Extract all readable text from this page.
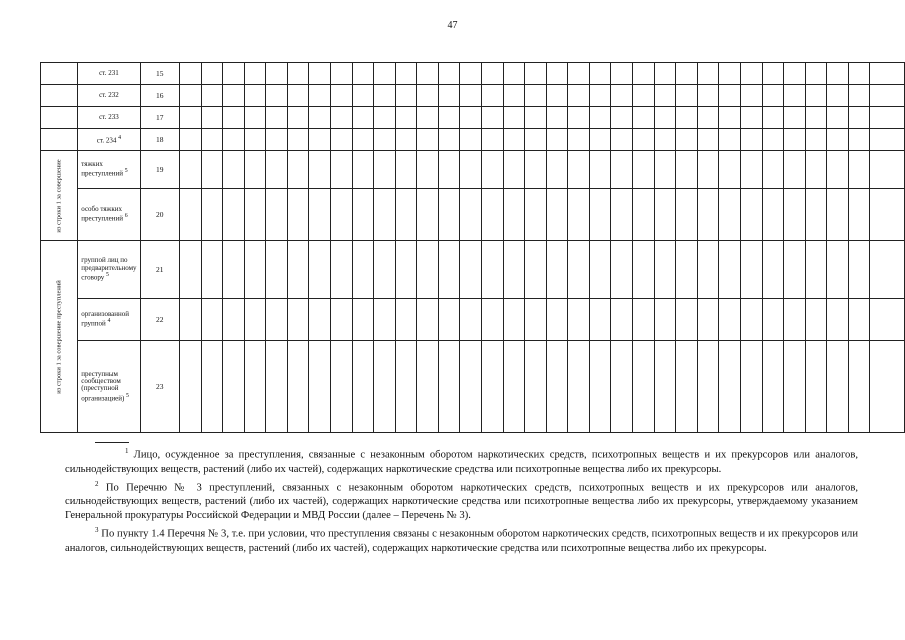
47
	ст. 231	15																																	
	ст. 232	16																																	
	ст. 233	17																																	
	ст. 234 $^4$	18																																	

из строки 1 за совершение	тяжких преступлений $^5$	19																																	
	особо тяжких преступлений $^6$	20																																	

из строки 1 за совершение преступлений	группой лиц по предварительному сговору $^5$	21																																	
	организованной группой $^4$	22																																	
	преступным сообществом (преступной организацией) $^5$	23																																	

$^1$ Лицо, осужденное за преступления, связанные с незаконным оборотом наркотических средств, психотропных веществ и их прекурсоров или аналогов, сильнодействующих веществ, растений (либо их частей), содержащих наркотические средства или психотропные вещества либо их прекурсоры.

$^2$ По Перечню № 3 преступлений, связанных с незаконным оборотом наркотических средств, психотропных веществ и их прекурсоров или аналогов, сильнодействующих веществ, растений (либо их частей), содержащих наркотические средства или психотропные вещества либо их прекурсоры, утверждаемому указанием Генеральной прокуратуры Российской Федерации и МВД России (далее – Перечень № 3).

$^3$ По пункту 1.4 Перечня № 3, т.е. при условии, что преступления связаны с незаконным оборотом наркотических средств, психотропных веществ и их прекурсоров или аналогов, сильнодействующих веществ, растений (либо их частей), содержащих наркотические средства или психотропные вещества либо их прекурсоры.
